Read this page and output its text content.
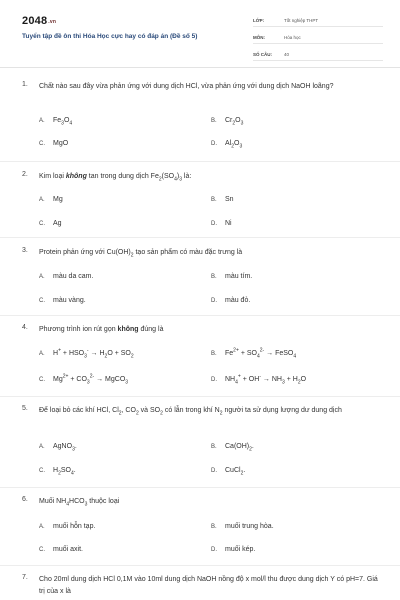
$2048^{.vn}$
Tuyển tập đề ôn thi Hóa Học cực hay có đáp án (Đề số 5)
LỚP:	Tốt nghiệp THPT
MÔN:	Hóa học
SỐ CÂU:	40
1. Chất nào sau đây vừa phản ứng với dung dịch HCl, vừa phản ứng với dung dịch NaOH loãng?
A. $Fe_3O_4$	B. $Cr_2O_3$
C. MgO	D. $Al_2O_3$
2. Kim loại không tan trong dung dịch $Fe_2(SO_4)_3$ là:
A. Mg	B. Sn
C. Ag	D. Ni
3. Protein phản ứng với $Cu(OH)_2$ tạo sản phẩm có màu đặc trưng là
A. màu da cam.	B. màu tím.
C. màu vàng.	D. màu đỏ.
4. Phương trình ion rút gọn không đúng là
A. $H^+ + HSO_3^- \to H_2O + SO_2$	B. $Fe^{2+} + SO_4^{2-}$ → FeSO$_4$
C. $Mg^{2+} + CO_3^{2-}$ → MgCO$_3$	D. $NH_4^+ + OH^- \to NH_3 + H_2O$
5. Để loại bỏ các khí HCl, $Cl_2$, $CO_2$ và $SO_2$ có lẫn trong khí $N_2$ người ta sử dụng lượng dư dung dịch
A. AgNO$_3$.	B. $Ca(OH)_2$.
C. $H_2SO_4$.	D. CuCl$_2$.
6. Muối $NH_4HCO_3$ thuộc loại
A. muối hỗn tạp.	B. muối trung hòa.
C. muối axit.	D. muối kép.
7. Cho 20ml dung dịch HCl 0,1M vào 10ml dung dịch NaOH nồng độ x mol/l thu được dung dịch Y có pH=7. Giá trị của x là
